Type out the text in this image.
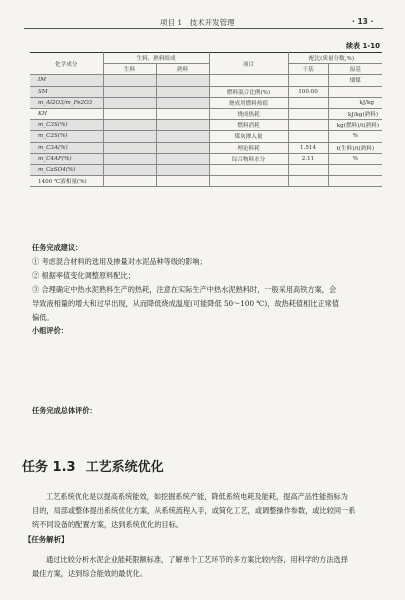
项目 1　技术开发管理	· 13 ·
续表 1-10
化学成分	生料、熟料组成		项目	配比(质量分数,%)	
	生料	熟料		干基	湿基
IM					烟煤
SM			燃料混合比例(%)	100.00	
m_Al2O3/m_Fe2O3			烧成用燃料热值		kJ/kg
KH			烧成热耗		kJ/kg(熟料)
m_C3S(%)			燃料消耗		kg(燃料)/t(熟料)
m_C2S(%)			煤灰掺入量		%
m_C3A(%)			理论料耗	1.514	t(生料)/t(熟料)
m_C4AF(%)			综合物料水分	2.11	%
m_CaSO4(%)					
1400 ℃液相量(%)					
任务完成建议：
① 考虑混合材料的选用及掺量对水泥品种等级的影响；
② 根据率值变化调整原料配比；
③ 合理确定中热水泥熟料生产的热耗，注意在实际生产中热水泥熟料时，一般采用高铁方案，会
导致液相量的增大和过早出现，从而降低烧成温度(可能降低 50～100 ℃)，故热耗值相比正常值
偏低。
小组评价：
任务完成总体评价：
任务 1.3 工艺系统优化
工艺系统优化是以提高系统能效，如挖掘系统产能，降低系统电耗及能耗，提高产品性能指标为
目的，局部或整体提出系统优化方案，从系统流程入手，或简化工艺，或调整操作参数，或比较同一系
统不同设备的配置方案，达到系统优化的目标。
【任务解析】
通过比较分析水泥企业能耗限额标准，了解单个工艺环节的多方案比较内容，用科学的方法选择
最佳方案，达到综合能效的最优化。
